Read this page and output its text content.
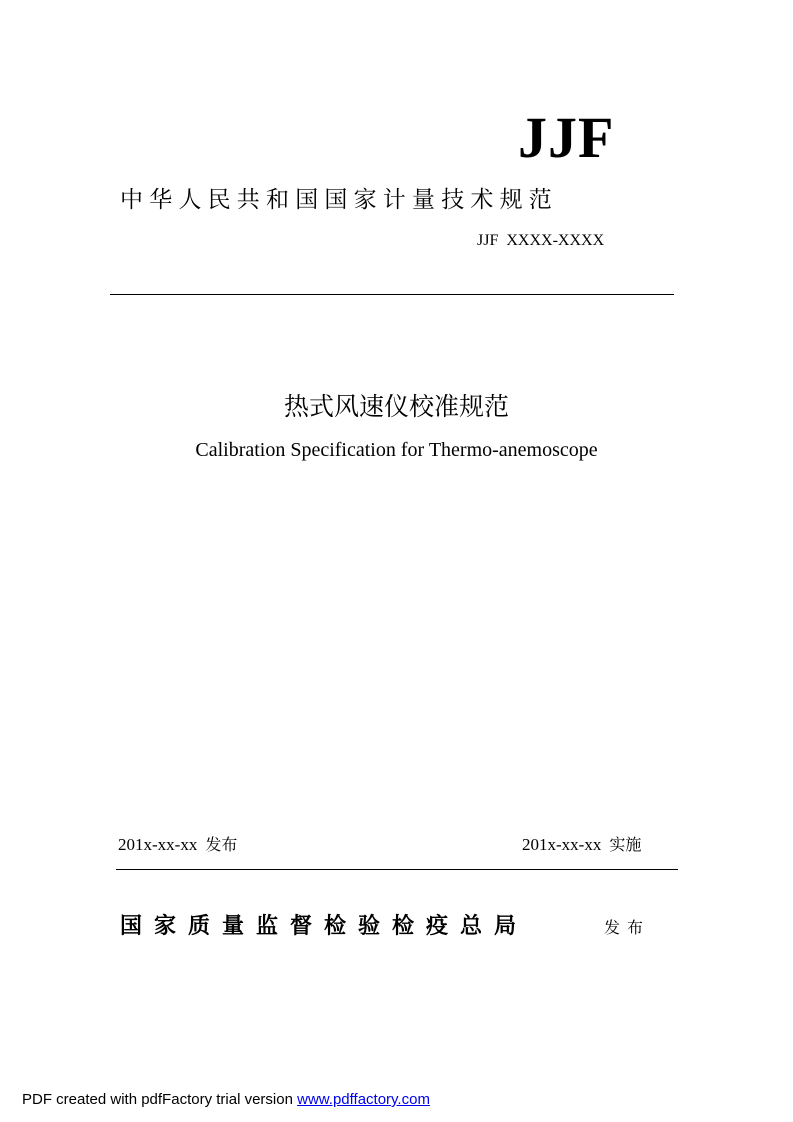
JJF
中华人民共和国国家计量技术规范
JJF  XXXX-XXXX
热式风速仪校准规范
Calibration Specification for Thermo-anemoscope
201x-xx-xx 发布	201x-xx-xx 实施
国家质量监督检验检疫总局	发布
PDF created with pdfFactory trial version www.pdffactory.com
